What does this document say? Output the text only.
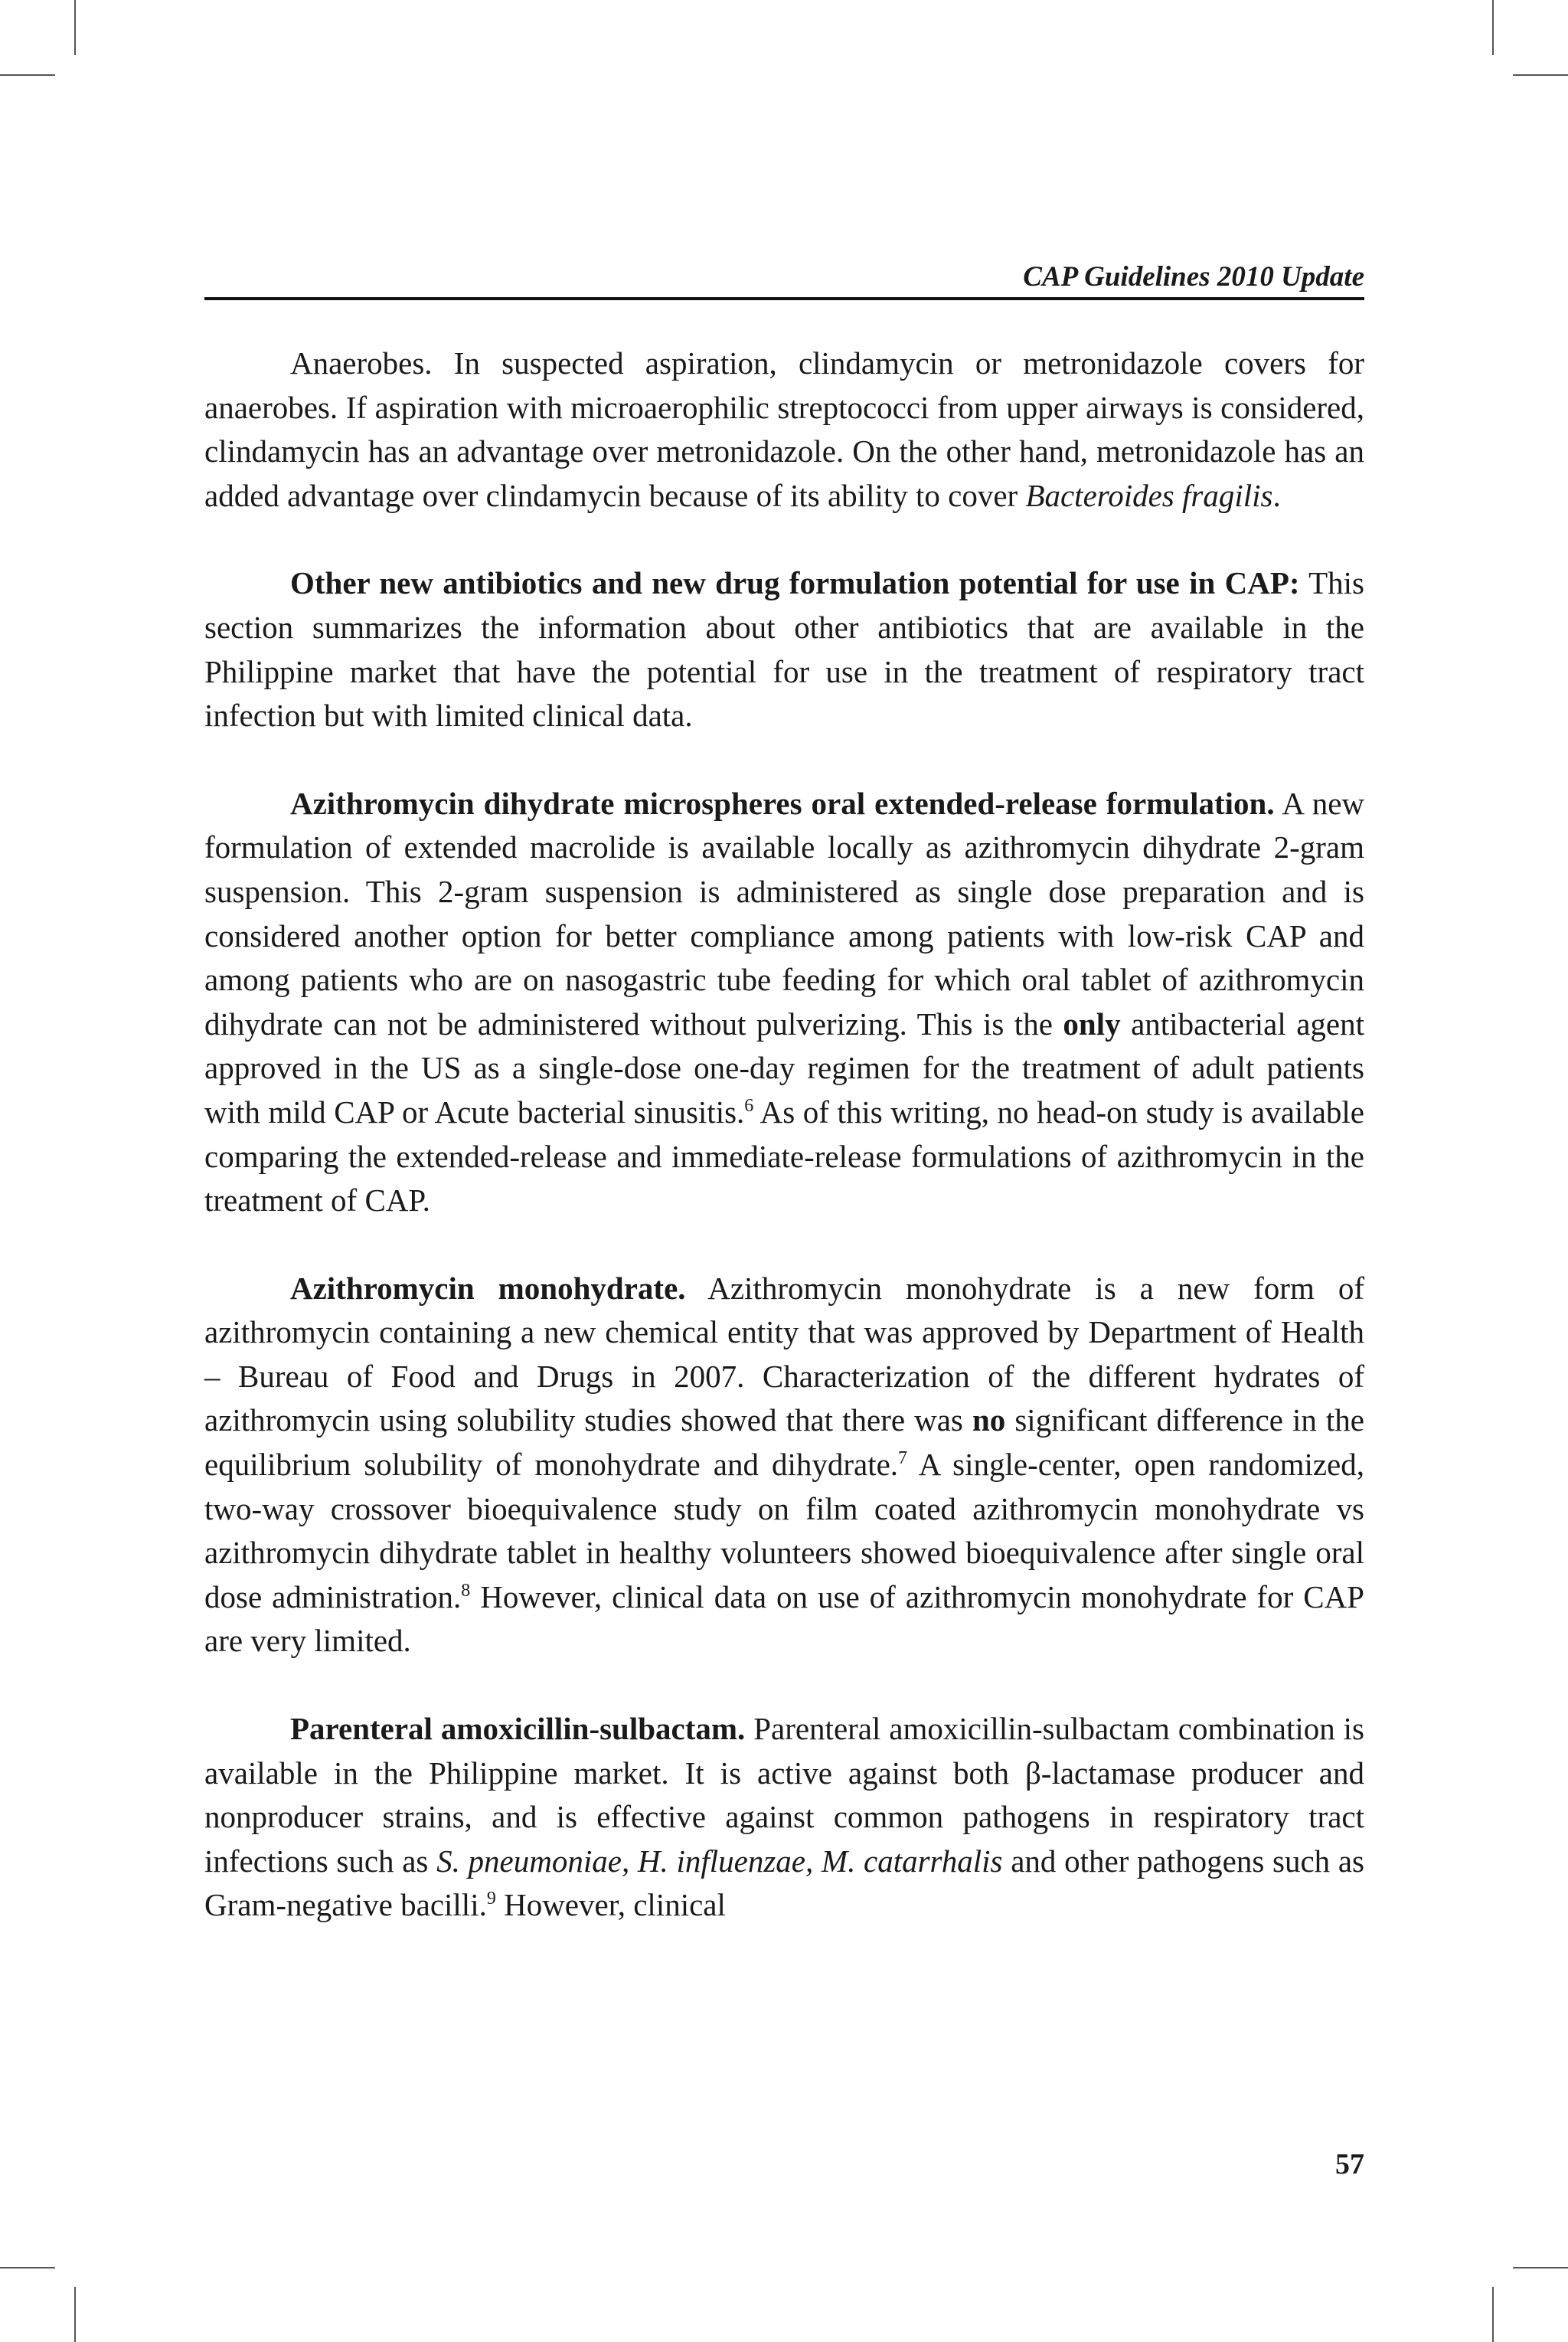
CAP Guidelines 2010 Update

Anaerobes. In suspected aspiration, clindamycin or metronidazole covers for anaerobes. If aspiration with microaerophilic streptococci from upper airways is considered, clindamycin has an advantage over metronidazole. On the other hand, metronidazole has an added advantage over clindamycin because of its ability to cover Bacteroides fragilis.

Other new antibiotics and new drug formulation potential for use in CAP: This section summarizes the information about other antibiotics that are available in the Philippine market that have the potential for use in the treatment of respiratory tract infection but with limited clinical data.

Azithromycin dihydrate microspheres oral extended-release formulation. A new formulation of extended macrolide is available locally as azithromycin dihydrate 2-gram suspension. This 2-gram suspension is administered as single dose preparation and is considered another option for better compliance among patients with low-risk CAP and among patients who are on nasogastric tube feeding for which oral tablet of azithromycin dihydrate can not be administered without pulverizing. This is the only antibacterial agent approved in the US as a single-dose one-day regimen for the treatment of adult patients with mild CAP or Acute bacterial sinusitis.$^6$ As of this writing, no head-on study is available comparing the extended-release and immediate-release formulations of azithromycin in the treatment of CAP.

Azithromycin monohydrate. Azithromycin monohydrate is a new form of azithromycin containing a new chemical entity that was approved by Department of Health – Bureau of Food and Drugs in 2007. Characterization of the different hydrates of azithromycin using solubility studies showed that there was no significant difference in the equilibrium solubility of monohydrate and dihydrate.$^7$ A single-center, open randomized, two-way crossover bioequivalence study on film coated azithromycin monohydrate vs azithromycin dihydrate tablet in healthy volunteers showed bioequivalence after single oral dose administration.$^8$ However, clinical data on use of azithromycin monohydrate for CAP are very limited.

Parenteral amoxicillin-sulbactam. Parenteral amoxicillin-sulbactam combination is available in the Philippine market. It is active against both β-lactamase producer and nonproducer strains, and is effective against common pathogens in respiratory tract infections such as S. pneumoniae, H. influenzae, M. catarrhalis and other pathogens such as Gram-negative bacilli.$^9$ However, clinical

57
